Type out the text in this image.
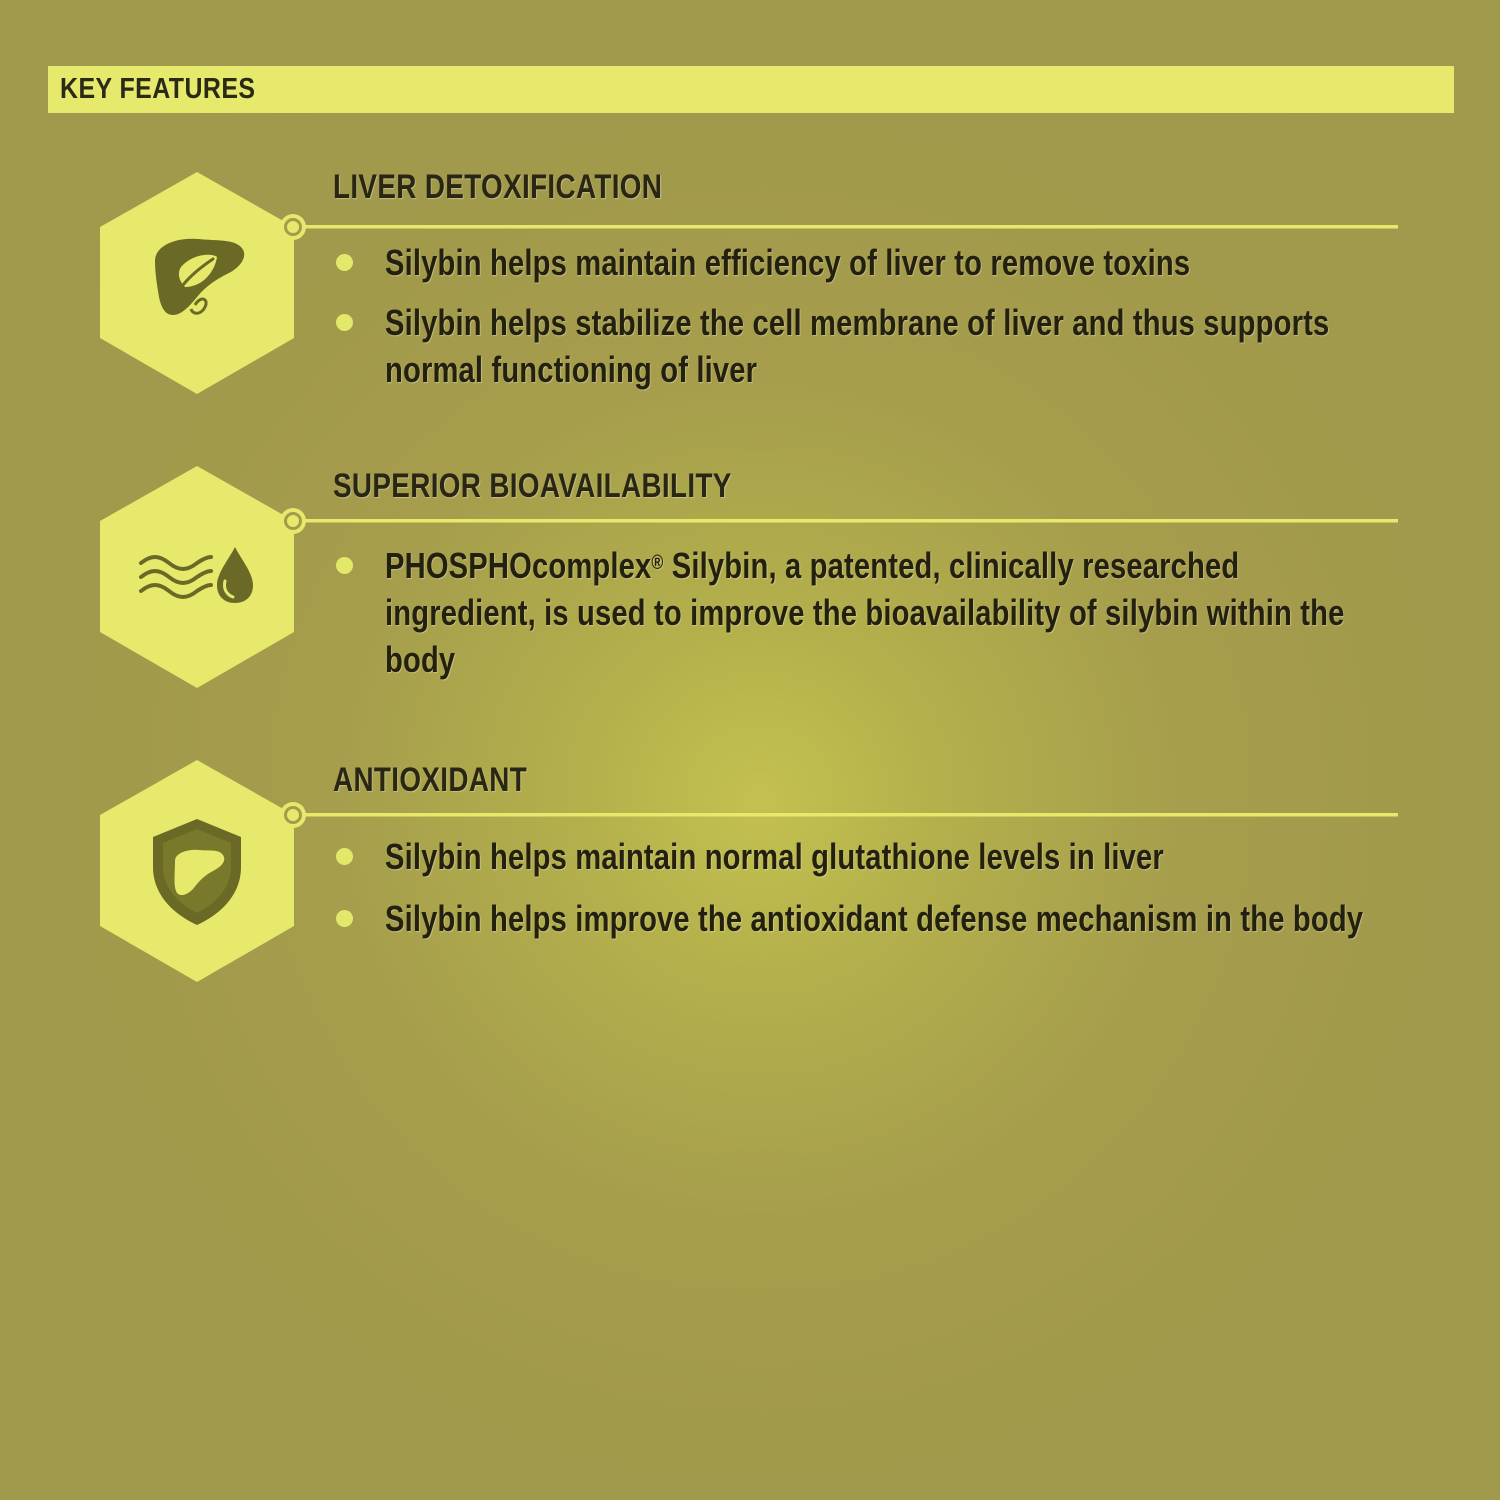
KEY FEATURES
LIVER DETOXIFICATION
Silybin helps maintain efficiency of liver to remove toxins
Silybin helps stabilize the cell membrane of liver and thus supports normal functioning of liver
SUPERIOR BIOAVAILABILITY
PHOSPHOcomplex® Silybin, a patented, clinically researched ingredient, is used to improve the bioavailability of silybin within the body
ANTIOXIDANT
Silybin helps maintain normal glutathione levels in liver
Silybin helps improve the antioxidant defense mechanism in the body
